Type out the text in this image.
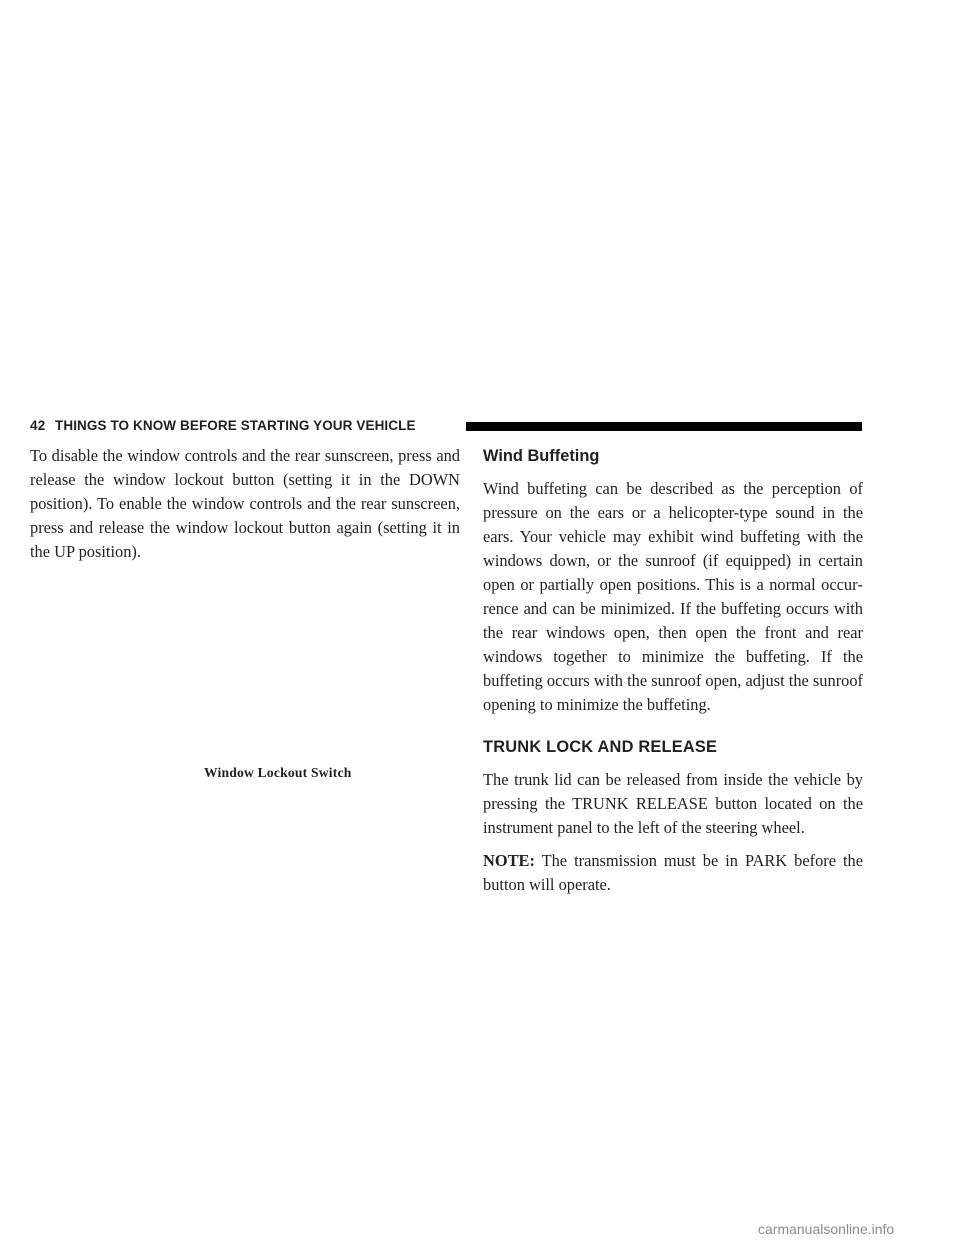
42 THINGS TO KNOW BEFORE STARTING YOUR VEHICLE

To disable the window controls and the rear sunscreen, press and release the window lockout button (setting it in the DOWN position). To enable the window controls and the rear sunscreen, press and release the window lockout button again (setting it in the UP position).

Window Lockout Switch
Wind Buffeting

Wind buffeting can be described as the perception of pressure on the ears or a helicopter-type sound in the ears. Your vehicle may exhibit wind buffeting with the windows down, or the sunroof (if equipped) in certain open or partially open positions. This is a normal occurrence and can be minimized. If the buffeting occurs with the rear windows open, then open the front and rear windows together to minimize the buffeting. If the buffeting occurs with the sunroof open, adjust the sunroof opening to minimize the buffeting.

TRUNK LOCK AND RELEASE

The trunk lid can be released from inside the vehicle by pressing the TRUNK RELEASE button located on the instrument panel to the left of the steering wheel.

NOTE: The transmission must be in PARK before the button will operate.

carmanualsonline.info
